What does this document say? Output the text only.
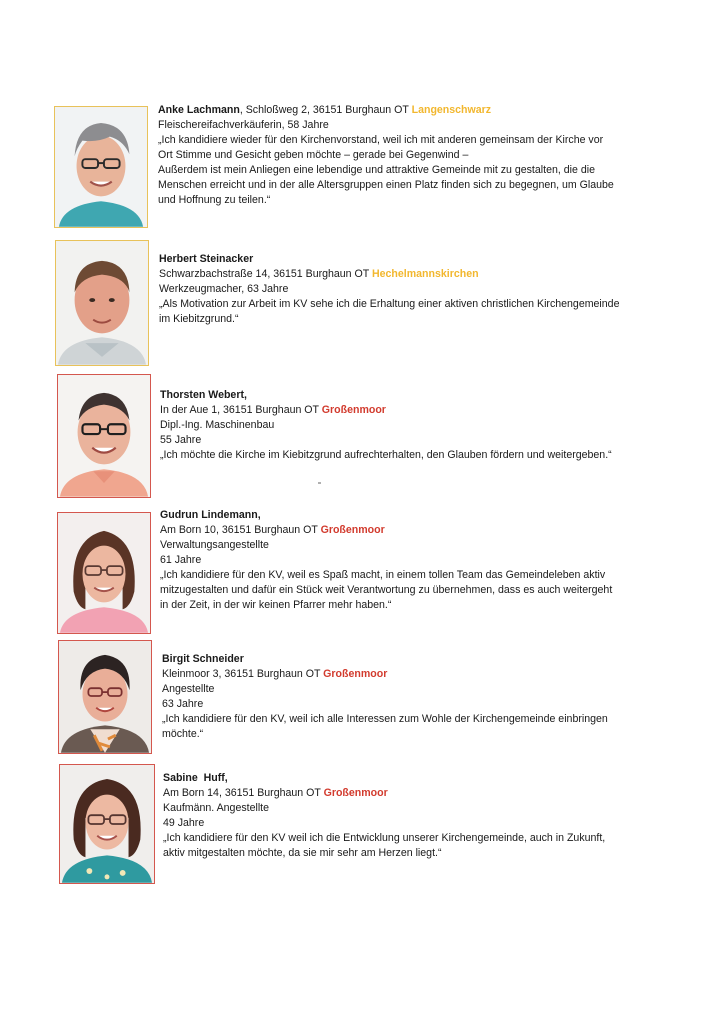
Anke Lachmann, Schloßweg 2, 36151 Burghaun OT Langenschwarz
Fleischereifachverkäuferin, 58 Jahre
„Ich kandidiere wieder für den Kirchenvorstand, weil ich mit anderen gemeinsam der Kirche vor
Ort Stimme und Gesicht geben möchte – gerade bei Gegenwind –
Außerdem ist mein Anliegen eine lebendige und attraktive Gemeinde mit zu gestalten, die die
Menschen erreicht und in der alle Altersgruppen einen Platz finden sich zu begegnen, um Glaube
und Hoffnung zu teilen.“
Herbert Steinacker
Schwarzbachstraße 14, 36151 Burghaun OT Hechelmannskirchen
Werkzeugmacher, 63 Jahre
„Als Motivation zur Arbeit im KV sehe ich die Erhaltung einer aktiven christlichen Kirchengemeinde
im Kiebitzgrund.“
Thorsten Webert,
In der Aue 1, 36151 Burghaun OT Großenmoor
Dipl.-Ing. Maschinenbau
55 Jahre
„Ich möchte die Kirche im Kiebitzgrund aufrechterhalten, den Glauben fördern und weitergeben.“
Gudrun Lindemann,
Am Born 10, 36151 Burghaun OT Großenmoor
Verwaltungsangestellte
61 Jahre
„Ich kandidiere für den KV, weil es Spaß macht, in einem tollen Team das Gemeindeleben aktiv
mitzugestalten und dafür ein Stück weit Verantwortung zu übernehmen, dass es auch weitergeht
in der Zeit, in der wir keinen Pfarrer mehr haben.“
Birgit Schneider
Kleinmoor 3, 36151 Burghaun OT Großenmoor
Angestellte
63 Jahre
„Ich kandidiere für den KV, weil ich alle Interessen zum Wohle der Kirchengemeinde einbringen
möchte.“
Sabine  Huff,
Am Born 14, 36151 Burghaun OT Großenmoor
Kaufmänn. Angestellte
49 Jahre
„Ich kandidiere für den KV weil ich die Entwicklung unserer Kirchengemeinde, auch in Zukunft,
aktiv mitgestalten möchte, da sie mir sehr am Herzen liegt.“
